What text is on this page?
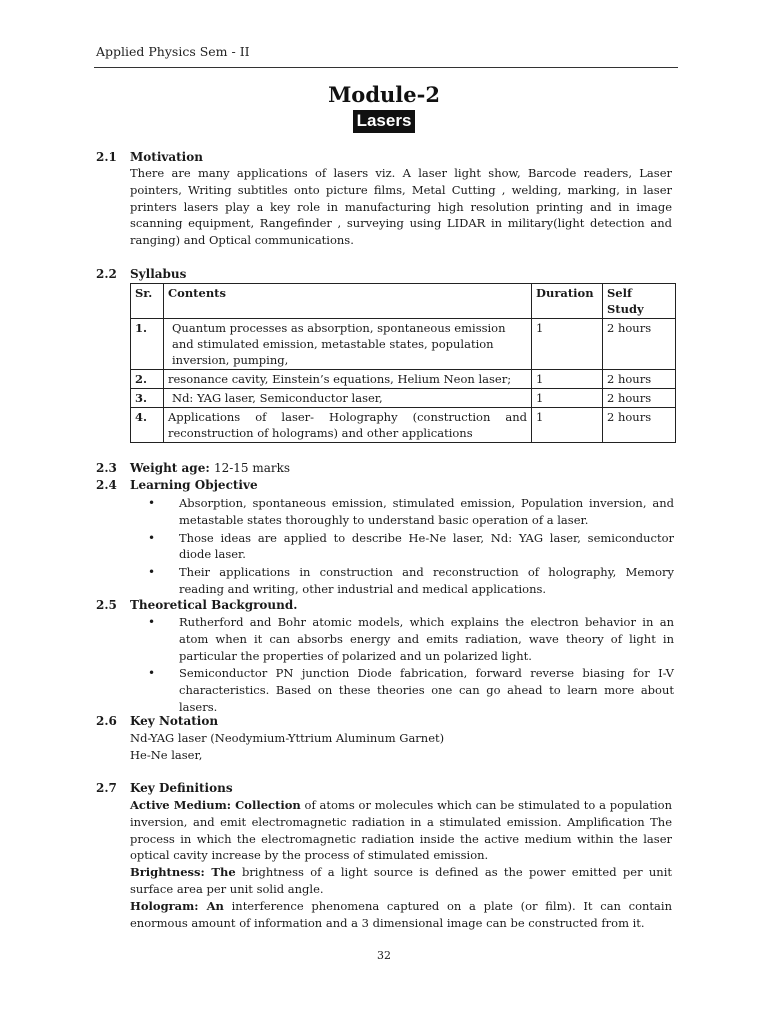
Applied Physics Sem - II
Module-2
Lasers
2.1 Motivation

There are many applications of lasers viz. A laser light show, Barcode readers, Laser pointers, Writing subtitles onto picture films, Metal Cutting , welding, marking, in laser printers lasers play a key role in manufacturing high resolution printing and in image scanning equipment, Rangefinder , surveying using LIDAR in military(light detection and ranging) and Optical communications.

2.2 Syllabus
Sr.	Contents	Duration	Self Study
1.	Quantum processes as absorption, spontaneous emission and stimulated emission, metastable states, population inversion, pumping,	1	2 hours
2.	resonance cavity, Einstein’s equations, Helium Neon laser;	1	2 hours
3.	Nd: YAG laser, Semiconductor laser,	1	2 hours
4.	Applications of laser- Holography (construction and reconstruction of holograms) and other applications	1	2 hours
2.3 Weight age: 12-15 marks
2.4 Learning Objective
• Absorption, spontaneous emission, stimulated emission, Population inversion, and metastable states thoroughly to understand basic operation of a laser.
• Those ideas are applied to describe He-Ne laser, Nd: YAG laser, semiconductor diode laser.
• Their applications in construction and reconstruction of holography, Memory reading and writing, other industrial and medical applications.
2.5 Theoretical Background.
• Rutherford and Bohr atomic models, which explains the electron behavior in an atom when it can absorbs energy and emits radiation, wave theory of light in particular the properties of polarized and un polarized light.
• Semiconductor PN junction Diode fabrication, forward reverse biasing for I-V characteristics. Based on these theories one can go ahead to learn more about lasers.
2.6 Key Notation
Nd-YAG laser (Neodymium-Yttrium Aluminum Garnet)
He-Ne laser,
2.7 Key Definitions

Active Medium: Collection of atoms or molecules which can be stimulated to a population inversion, and emit electromagnetic radiation in a stimulated emission. Amplification The process in which the electromagnetic radiation inside the active medium within the laser optical cavity increase by the process of stimulated emission.

Brightness: The brightness of a light source is defined as the power emitted per unit surface area per unit solid angle.

Hologram: An interference phenomena captured on a plate (or film). It can contain enormous amount of information and a 3 dimensional image can be constructed from it.

32
